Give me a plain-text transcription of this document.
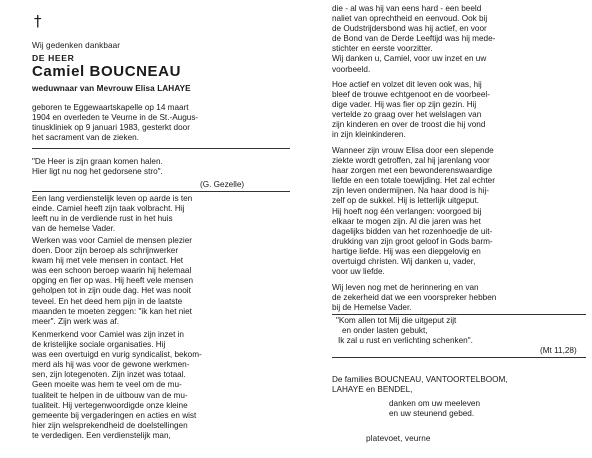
†
Wij gedenken dankbaar
DE HEER
Camiel BOUCNEAU
weduwnaar van Mevrouw Elisa LAHAYE
geboren te Eggewaartskapelle op 14 maart
1904 en overleden te Veurne in de St.-Augus-
tinuskliniek op 9 januari 1983, gesterkt door
het sacrament van de zieken.
"De Heer is zijn graan komen halen.
Hier ligt nu nog het gedorsene stro".
(G. Gezelle)
Een lang verdienstelijk leven op aarde is ten
einde. Camiel heeft zijn taak volbracht. Hij
leeft nu in de verdiende rust in het huis
van de hemelse Vader.
Werken was voor Camiel de mensen plezier
doen. Door zijn beroep als schrijnwerker
kwam hij met vele mensen in contact. Het
was een schoon beroep waarin hij helemaal
opging en fier op was. Hij heeft vele mensen
geholpen tot in zijn oude dag. Het was nooit
teveel. En het deed hem pijn in de laatste
maanden te moeten zeggen: "ik kan het niet
meer". Zijn werk was af.
Kenmerkend voor Camiel was zijn inzet in
de kristelijke sociale organisaties. Hij
was een overtuigd en vurig syndicalist, bekom-
merd als hij was voor de gewone werkmen-
sen, zijn lotegenoten. Zijn inzet was totaal.
Geen moeite was hem te veel om de mu-
tualiteit te helpen in de uitbouw van de mu-
tualiteit. Hij vertegenwoordigde onze kleine
gemeente bij vergaderingen en acties en wist
hier zijn welsprekendheid de doelstellingen
te verdedigen. Een verdienstelijk man,
die - al was hij van eens hard - een beeld
naliet van oprechtheid en eenvoud. Ook bij
de Oudstrijdersbond was hij actief, en voor
de Bond van de Derde Leeftijd was hij mede-
stichter en eerste voorzitter.
Wij danken u, Camiel, voor uw inzet en uw
voorbeeld.
Hoe actief en volzet dit leven ook was, hij
bleef de trouwe echtgenoot en de voorbeel-
dige vader. Hij was fier op zijn gezin. Hij
vertelde zo graag over het welslagen van
zijn kinderen en over de troost die hij vond
in zijn kleinkinderen.
Wanneer zijn vrouw Elisa door een slepende
ziekte wordt getroffen, zal hij jarenlang voor
haar zorgen met een bewonderenswaardige
liefde en een totale toewijding. Het zal echter
zijn leven ondermijnen. Na haar dood is hij-
zelf op de sukkel. Hij is letterlijk uitgeput.
Hij hoeft nog één verlangen: voorgoed bij
elkaar te mogen zijn. Al die jaren was het
dagelijks bidden van het rozenhoedje de uit-
drukking van zijn groot geloof in Gods barm-
hartige liefde. Hij was een diepgelovig en
overtuigd christen. Wij danken u, vader,
voor uw liefde.
Wij leven nog met de herinnering en van
de zekerheid dat we een voorspreker hebben
bij de Hemelse Vader.
"Kom allen tot Mij die uitgeput zijt
en onder lasten gebukt,
Ik zal u rust en verlichting schenken".
(Mt 11,28)
De families BOUCNEAU, VANTOORTELBOOM,
LAHAYE en BENDEL,
danken om uw meeleven
en uw steunend gebed.
platevoet, veurne
